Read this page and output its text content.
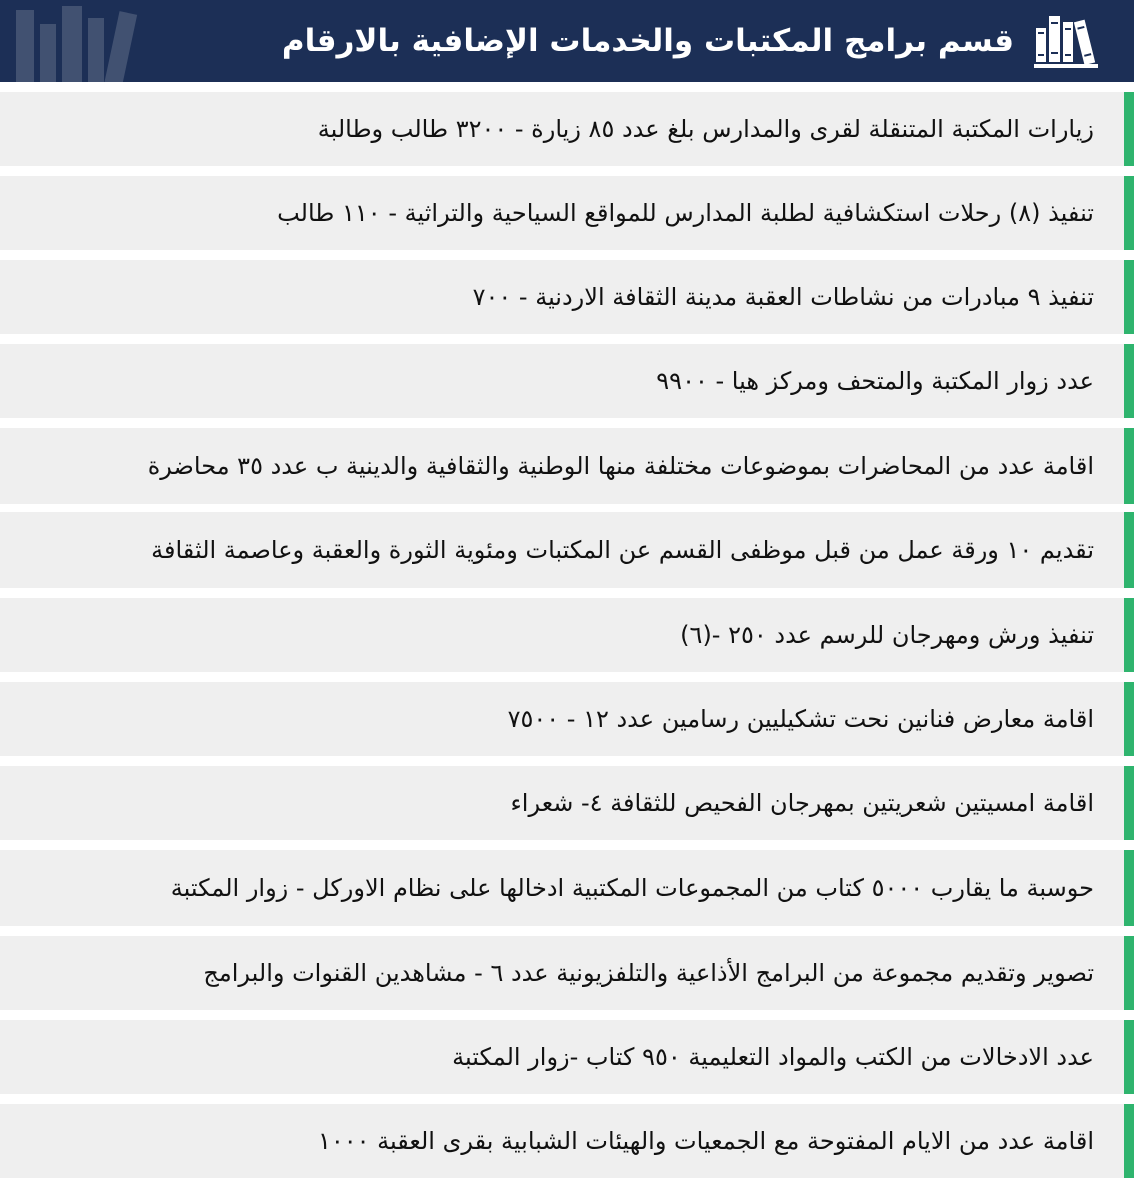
قسم برامج المكتبات والخدمات الإضافية بالارقام
زيارات المكتبة المتنقلة لقرى والمدارس بلغ عدد ٨٥ زيارة - ٣٢٠٠ طالب وطالبة
تنفيذ (٨) رحلات استكشافية لطلبة المدارس للمواقع السياحية والتراثية - ١١٠ طالب
تنفيذ ٩ مبادرات من نشاطات العقبة مدينة الثقافة الاردنية - ٧٠٠
عدد زوار المكتبة والمتحف ومركز هيا - ٩٩٠٠
اقامة عدد من المحاضرات بموضوعات مختلفة منها الوطنية والثقافية والدينية ب عدد ٣٥ محاضرة
تقديم ١٠ ورقة عمل من قبل موظفى القسم عن المكتبات ومئوية الثورة والعقبة وعاصمة الثقافة
تنفيذ ورش ومهرجان للرسم عدد ٢٥٠ -(٦)
اقامة معارض فنانين نحت تشكيليين رسامين عدد ١٢ - ٧٥٠٠
اقامة امسيتين شعريتين بمهرجان الفحيص للثقافة ٤- شعراء
حوسبة ما يقارب ٥٠٠٠ كتاب من المجموعات المكتبية ادخالها على نظام الاوركل - زوار المكتبة
تصوير وتقديم مجموعة من البرامج الأذاعية والتلفزيونية عدد ٦ - مشاهدين القنوات والبرامج
عدد الادخالات من الكتب والمواد التعليمية ٩٥٠ كتاب -زوار المكتبة
اقامة عدد من الايام المفتوحة مع الجمعيات والهيئات الشبابية بقرى العقبة ١٠٠٠
